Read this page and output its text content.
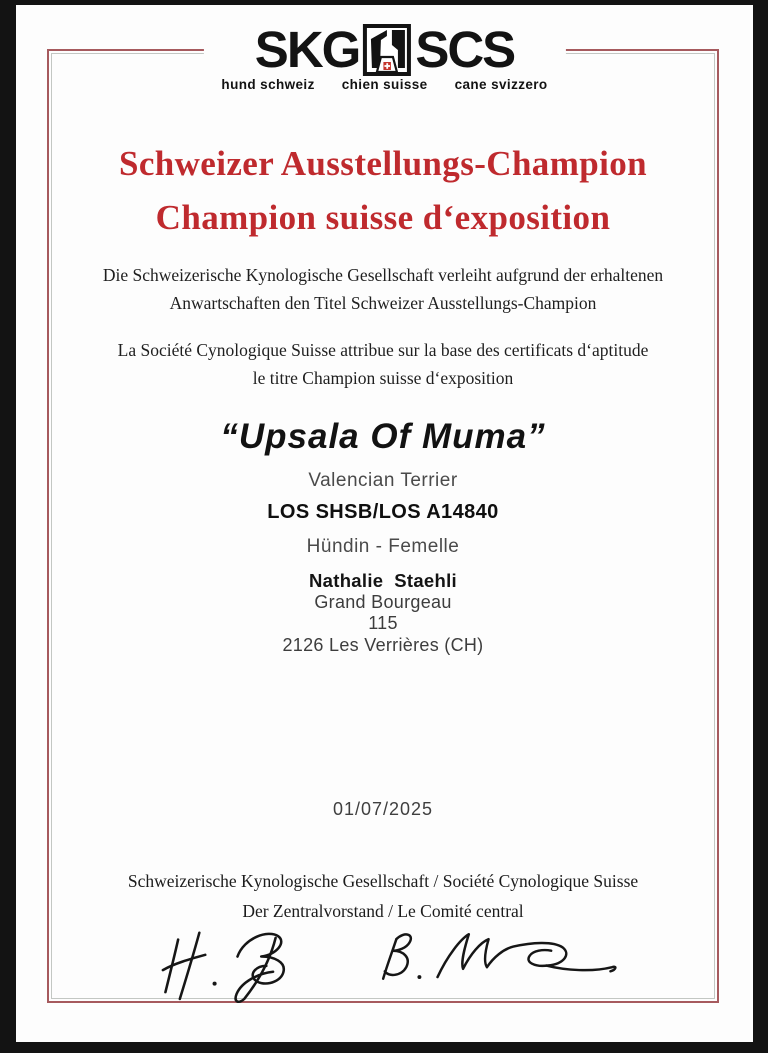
SKG SCS
hund schweiz chien suisse cane svizzero
Schweizer Ausstellungs-Champion
Champion suisse d‘exposition
Die Schweizerische Kynologische Gesellschaft verleiht aufgrund der erhaltenen
Anwartschaften den Titel Schweizer Ausstellungs-Champion
La Société Cynologique Suisse attribue sur la base des certificats d‘aptitude
le titre Champion suisse d‘exposition
“Upsala Of Muma”
Valencian Terrier
LOS SHSB/LOS A14840
Hündin - Femelle
Nathalie  Staehli
Grand Bourgeau
115
2126 Les Verrières (CH)
01/07/2025
Schweizerische Kynologische Gesellschaft / Société Cynologique Suisse
Der Zentralvorstand / Le Comité central
